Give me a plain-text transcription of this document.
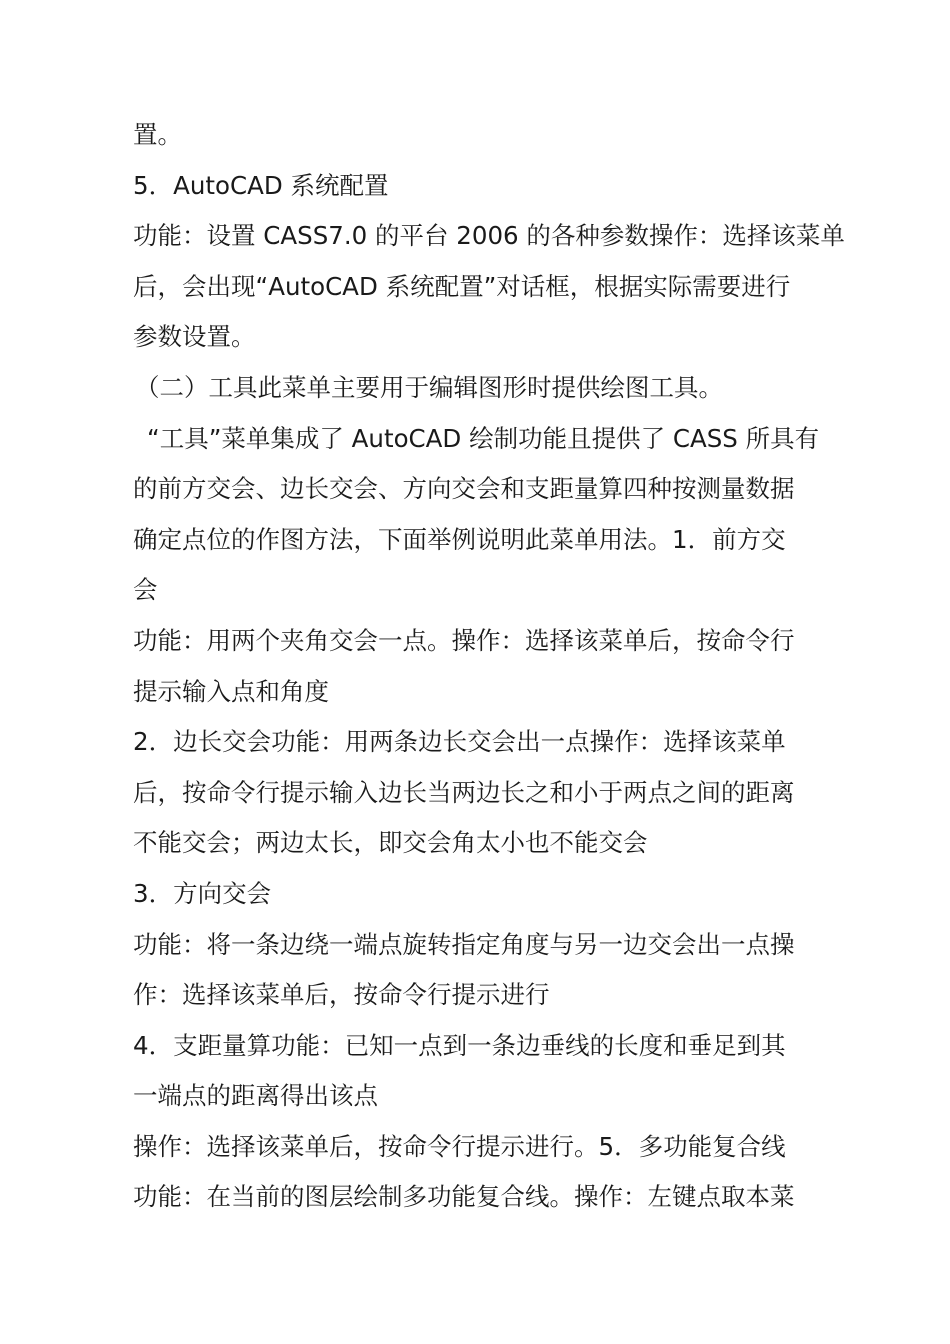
置。
5．AutoCAD 系统配置
功能：设置 CASS7.0 的平台 2006 的各种参数操作：选择该菜单
后，会出现“AutoCAD 系统配置”对话框，根据实际需要进行
参数设置。
（二）工具此菜单主要用于编辑图形时提供绘图工具。
“工具”菜单集成了 AutoCAD 绘制功能且提供了 CASS 所具有
的前方交会、边长交会、方向交会和支距量算四种按测量数据
确定点位的作图方法，下面举例说明此菜单用法。1．前方交
会
功能：用两个夹角交会一点。操作：选择该菜单后，按命令行
提示输入点和角度
2．边长交会功能：用两条边长交会出一点操作：选择该菜单
后，按命令行提示输入边长当两边长之和小于两点之间的距离
不能交会；两边太长，即交会角太小也不能交会
3．方向交会
功能：将一条边绕一端点旋转指定角度与另一边交会出一点操
作：选择该菜单后，按命令行提示进行
4．支距量算功能：已知一点到一条边垂线的长度和垂足到其
一端点的距离得出该点
操作：选择该菜单后，按命令行提示进行。5．多功能复合线
功能：在当前的图层绘制多功能复合线。操作：左键点取本菜
